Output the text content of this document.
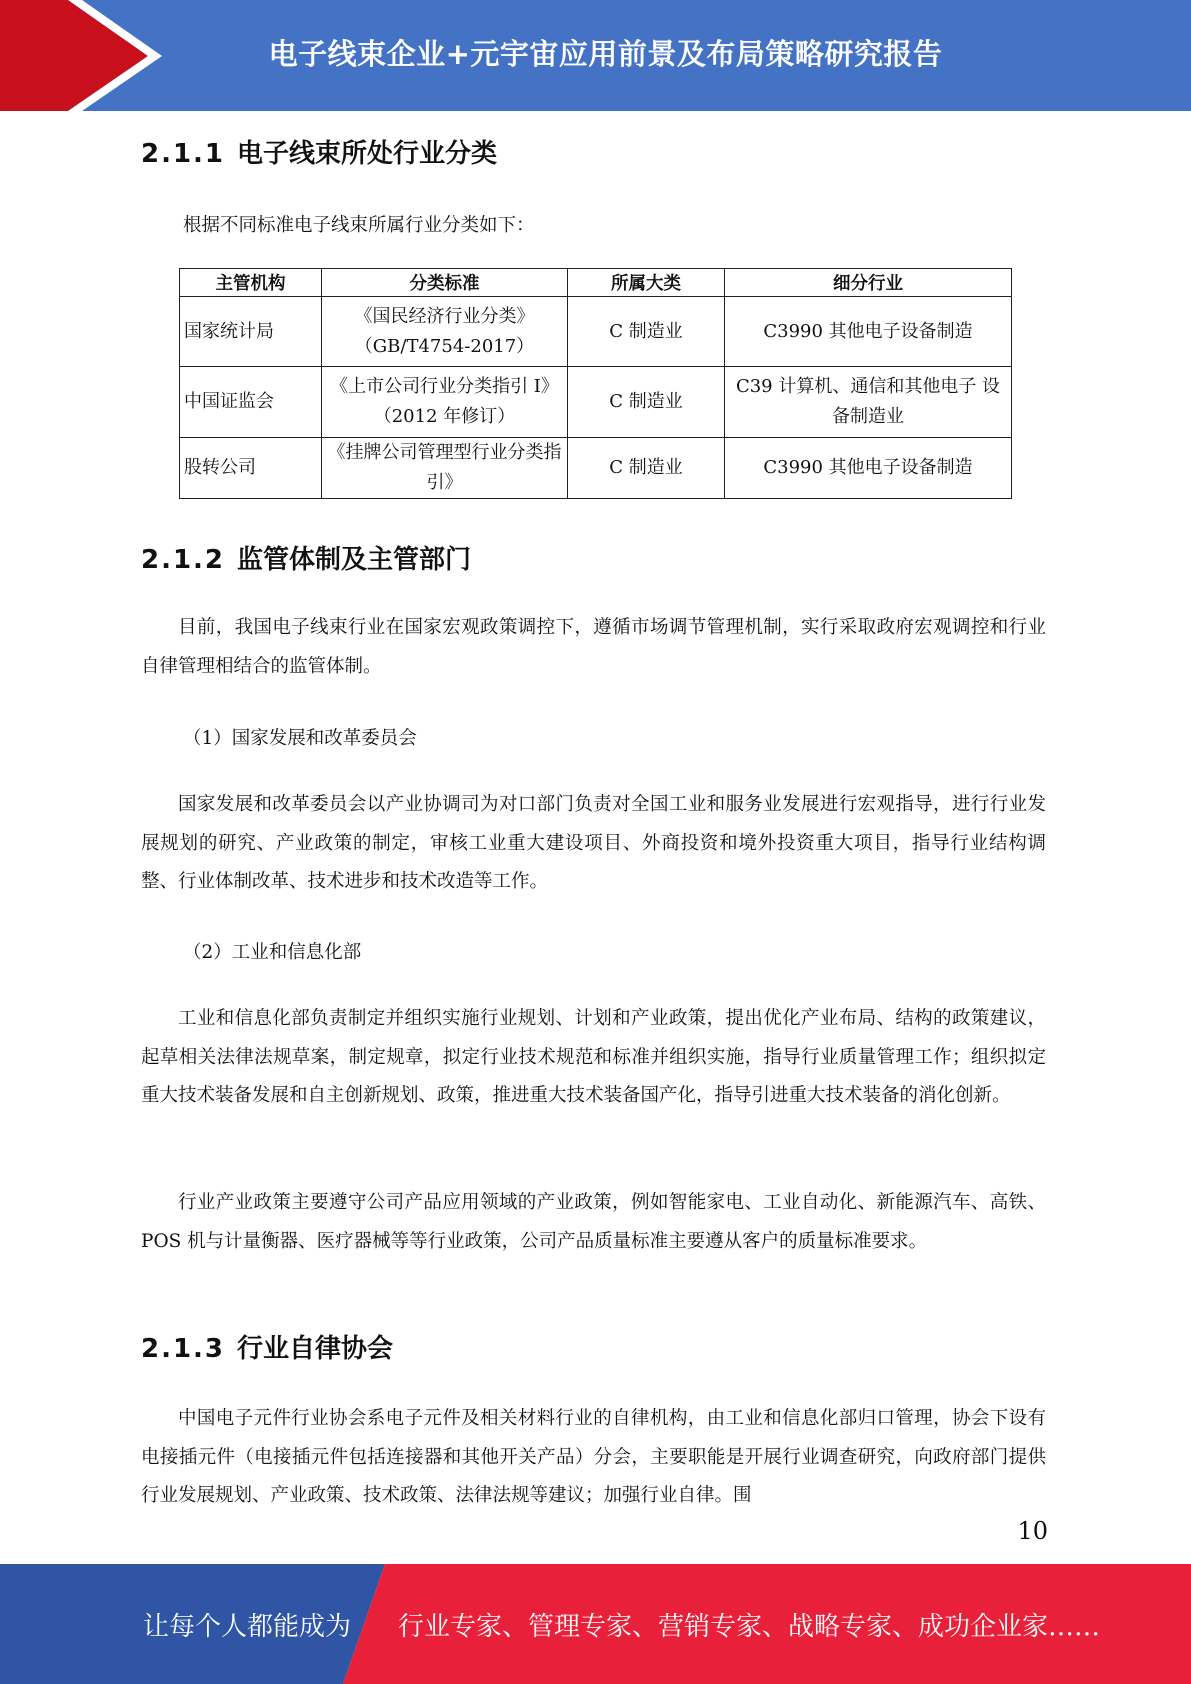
电子线束企业+元宇宙应用前景及布局策略研究报告
2.1.1 电子线束所处行业分类
根据不同标准电子线束所属行业分类如下：
主管机构	分类标准	所属大类	细分行业
国家统计局	《国民经济行业分类》（GB/T4754-2017）	C 制造业	C3990 其他电子设备制造
中国证监会	《上市公司行业分类指引 I》（2012 年修订）	C 制造业	C39 计算机、通信和其他电子 设备制造业
股转公司	《挂牌公司管理型行业分类指引》	C 制造业	C3990 其他电子设备制造
2.1.2 监管体制及主管部门

目前，我国电子线束行业在国家宏观政策调控下，遵循市场调节管理机制，实行采取政府宏观调控和行业自律管理相结合的监管体制。

（1）国家发展和改革委员会

国家发展和改革委员会以产业协调司为对口部门负责对全国工业和服务业发展进行宏观指导，进行行业发展规划的研究、产业政策的制定，审核工业重大建设项目、外商投资和境外投资重大项目，指导行业结构调整、行业体制改革、技术进步和技术改造等工作。

（2）工业和信息化部

工业和信息化部负责制定并组织实施行业规划、计划和产业政策，提出优化产业布局、结构的政策建议，起草相关法律法规草案，制定规章，拟定行业技术规范和标准并组织实施，指导行业质量管理工作；组织拟定重大技术装备发展和自主创新规划、政策，推进重大技术装备国产化，指导引进重大技术装备的消化创新。

行业产业政策主要遵守公司产品应用领域的产业政策，例如智能家电、工业自动化、新能源汽车、高铁、POS 机与计量衡器、医疗器械等等行业政策，公司产品质量标准主要遵从客户的质量标准要求。

2.1.3 行业自律协会

中国电子元件行业协会系电子元件及相关材料行业的自律机构，由工业和信息化部归口管理，协会下设有电接插元件（电接插元件包括连接器和其他开关产品）分会，主要职能是开展行业调查研究，向政府部门提供行业发展规划、产业政策、技术政策、法律法规等建议；加强行业自律。围

10
让每个人都能成为 行业专家、管理专家、营销专家、战略专家、成功企业家……
